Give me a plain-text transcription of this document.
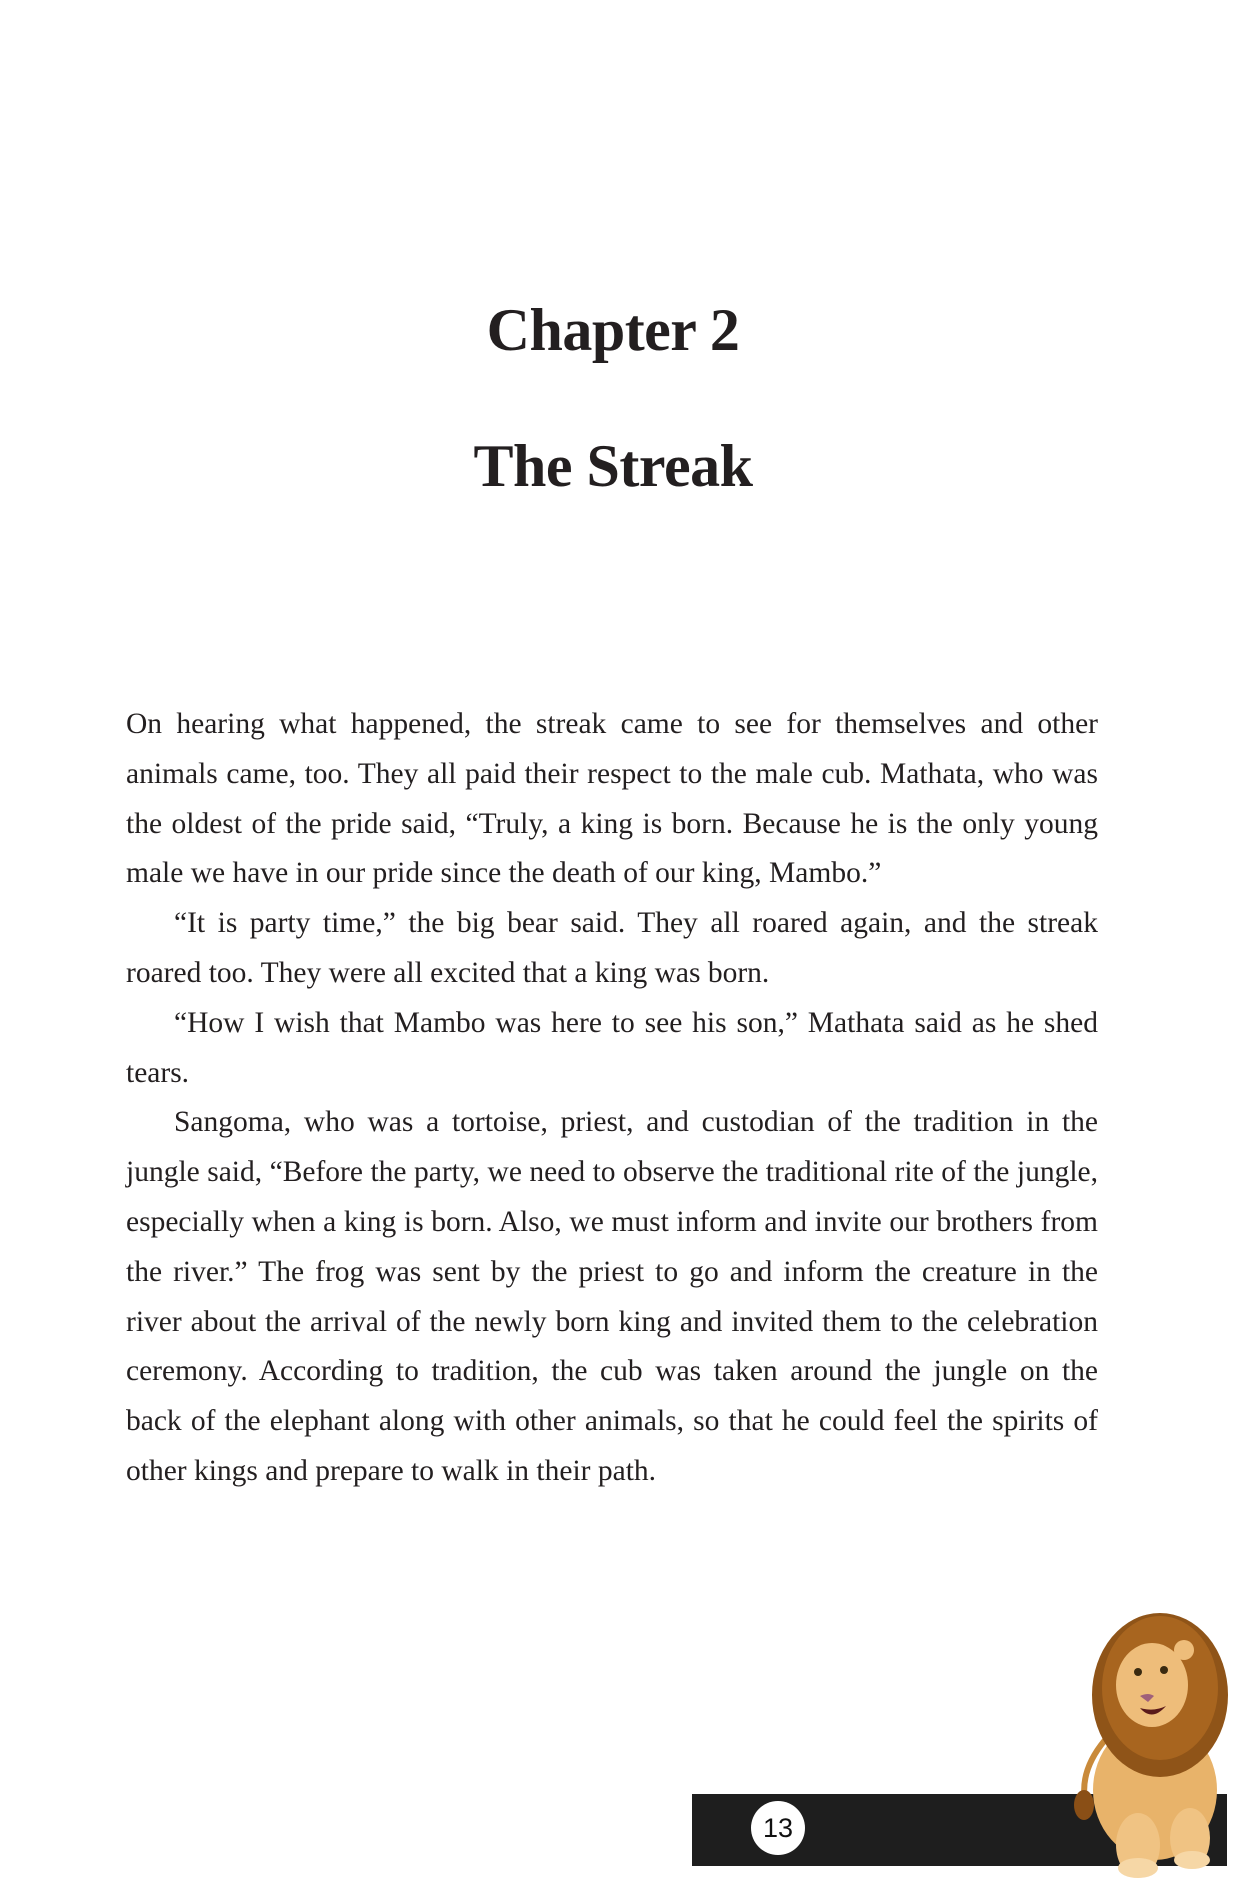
Chapter 2
The Streak

On hearing what happened, the streak came to see for themselves and other animals came, too. They all paid their respect to the male cub. Mathata, who was the oldest of the pride said, “Truly, a king is born. Because he is the only young male we have in our pride since the death of our king, Mambo.”

“It is party time,” the big bear said. They all roared again, and the streak roared too. They were all excited that a king was born.

“How I wish that Mambo was here to see his son,” Mathata said as he shed tears.

Sangoma, who was a tortoise, priest, and custodian of the tradition in the jungle said, “Before the party, we need to observe the traditional rite of the jungle, especially when a king is born. Also, we must inform and invite our brothers from the river.” The frog was sent by the priest to go and inform the creature in the river about the arrival of the newly born king and invited them to the celebration ceremony. According to tradition, the cub was taken around the jungle on the back of the elephant along with other animals, so that he could feel the spirits of other kings and prepare to walk in their path.

13
